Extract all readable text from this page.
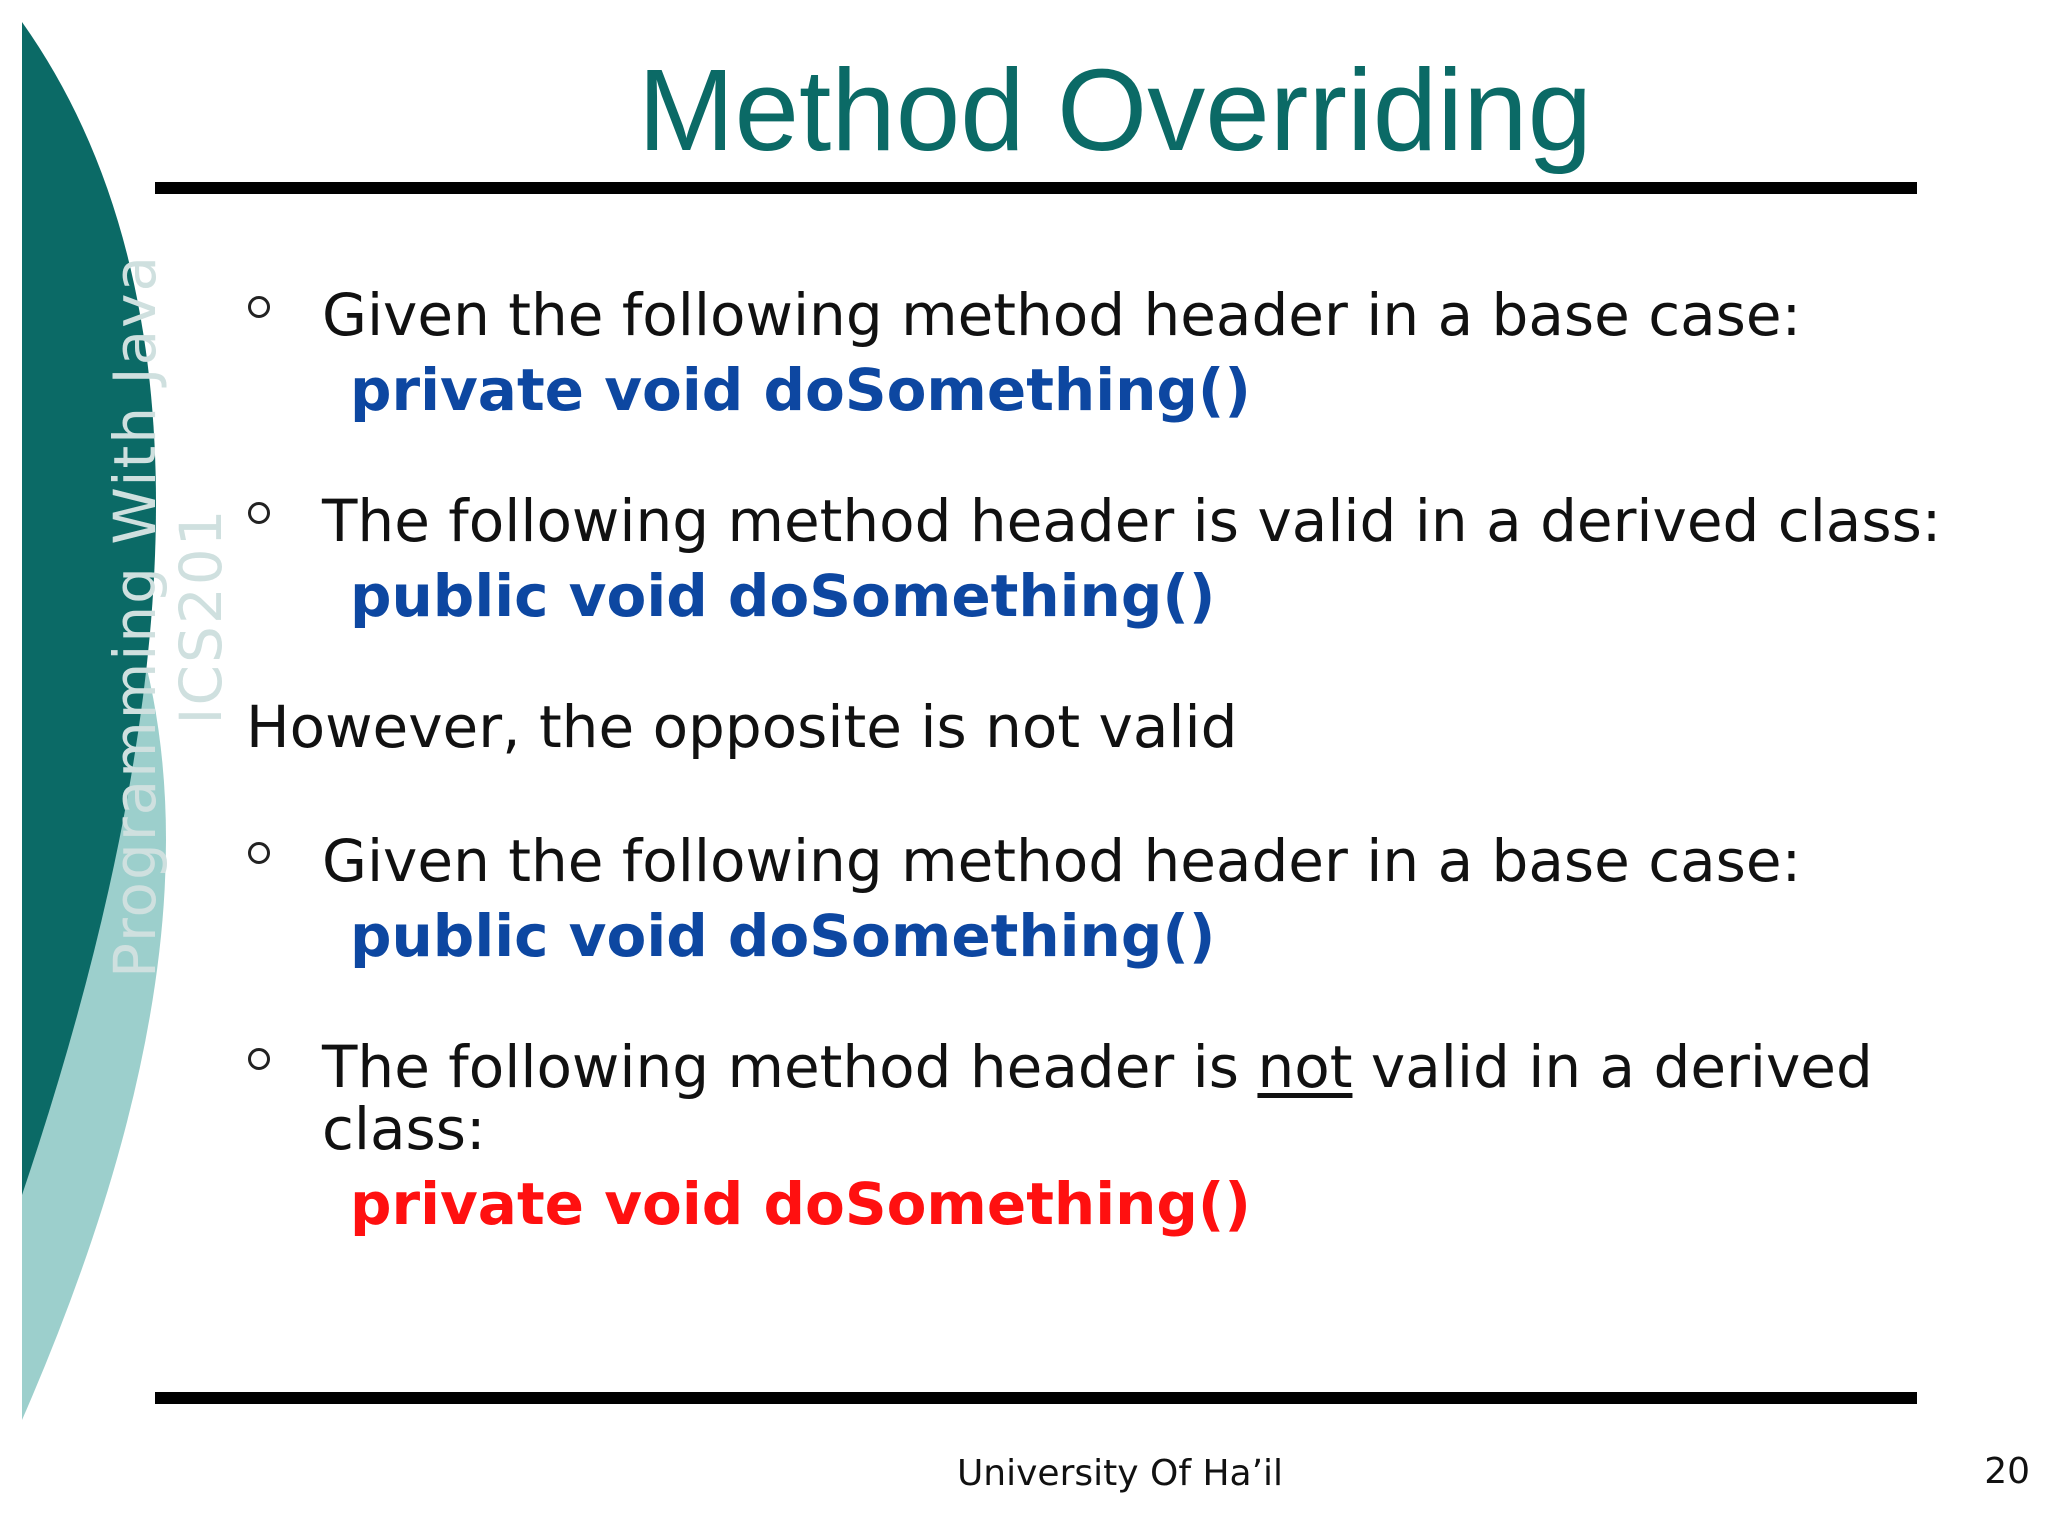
Programming With Java
ICS201
Method Overriding
Given the following method header in a base case:
private void doSomething()
The following method header is valid in a derived class:
public void doSomething()
However, the opposite is not valid
Given the following method header in a base case:
public void doSomething()
The following method header is not valid in a derived
class:
private void doSomething()
University Of Ha’il	20
